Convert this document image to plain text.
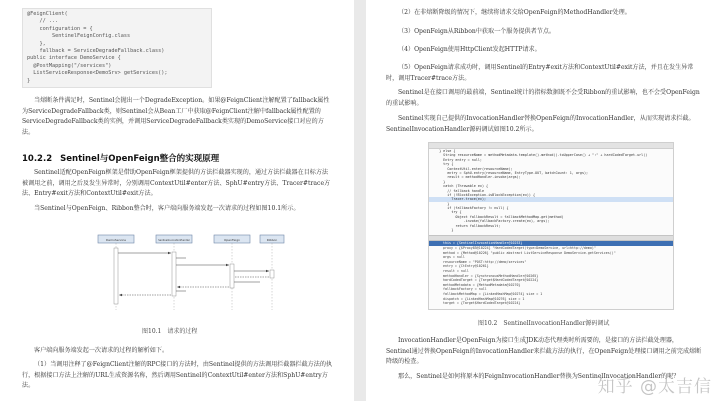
@FeignClient(
// ...
configuration = {
SentinelFeignConfig.class
},
fallback = ServiceDegradeFallback.class)
public interface DemoService {
@PostMapping("/services")
ListServiceResponse<DemoSrv> getServices();
}

当熔断条件满足时，Sentinel会抛出一个DegradeException。如果@FeignClient注解配置了fallback属性为ServiceDegradeFallback类，则Sentinel会从Bean工厂中获取@FeignClient注解中fallback属性配置的ServiceDegradeFallback类的实例，并调用ServiceDegradeFallback类实现的DemoService接口对应的方法。

10.2.2 Sentinel与OpenFeign整合的实现原理

Sentinel适配OpenFeign框架是借助OpenFeign框架提供的方法拦截器实现的，通过方法拦截器在目标方法被调用之前，调用之后及发生异常时，分别调用ContextUtil#enter方法、SphU#entry方法、Tracer#trace方法、Entry#exit方法和ContextUtil#exit方法。

当Sentinel与OpenFeign、Ribbon整合时，客户端向服务端发起一次请求的过程如图10.1所示。

DemoService	SentinelInvocationHandler	OpenFeign	Ribbon
图10.1　请求的过程

客户端向服务端发起一次请求的过程的解析如下。

（1）当调用注释了@FeignClient注解的RPC接口的方法时，由Sentinel提供的方法调用拦截器拦截方法的执行，根据接口方法上注解的URL生成资源名称，然后调用Sentinel的ContextUtil#enter方法和SphU#entry方法。

（2）在非熔断降级的情况下，继续将请求交给OpenFeign的MethodHandler处理。

（3）OpenFeign从Ribbon中获取一个服务提供者节点。

（4）OpenFeign使用HttpClient发起HTTP请求。

（5）OpenFeign请求成功时，调用Sentinel的Entry#exit方法和ContextUtil#exit方法，并且在发生异常时，调用Tracer#trace方法。

Sentinel是在接口调用的最前端，Sentinel统计的指标数据既不会受Ribbon的重试影响，也不会受OpenFeign的重试影响。

Sentinel实现自己提供的InvocationHandler替换OpenFeign的InvocationHandler，从而实现请求拦截。SentinelInvocationHandler源码调试如图10.2所示。

} else {
String resourceName = methodMetadata.template().method().toUpperCase() + ":" + hardCodedTarget.url()
Entry entry = null;
try {
ContextUtil.enter(resourceName);
entry = SphU.entry(resourceName, EntryType.OUT, batchCount: 1, args);
result = methodHandler.invoke(args);
}
catch (Throwable ex) {
// fallback handle
if (!BlockException.isBlockException(ex)) {
Tracer.trace(ex);
}
if (fallbackFactory != null) {
try {
Object fallbackResult = fallbackMethodMap.get(method)
.invoke(fallbackFactory.create(ex), args);
return fallbackResult;
}
this = {SentinelInvocationHandler@10253}
proxy = {$Proxy85@10224} "HardCodedTarget(type=DemoService, url=http://demo)"
method = {Method@10226} "public abstract ListServiceResponse DemoService.getServices()"
args = null
resourceName = "POST:http://demo/services"
entry = {CtEntry@10261}
result = null
methodHandler = {SynchronousMethodHandler@10265}
hardCodedTarget = {Target$HardCodedTarget@10224}
methodMetadata = {MethodMetadata@10270}
fallbackFactory = null
fallbackMethodMap = {LinkedHashMap@10274} size = 1
dispatch = {LinkedHashMap@10276} size = 1
target = {Target$HardCodedTarget@10224}
图10.2　SentinelInvocationHandler源码调试

InvocationHandler是OpenFeign为接口生成JDK动态代理类时所需要的，是接口的方法拦截处理器，Sentinel通过替换OpenFeign的InvocationHandler来拦截方法的执行，在OpenFeign处理接口调用之前完成熔断降级的检查。

那么，Sentinel是如何将原本的FeignInvocationHandler替换为SentinelInvocationHandler的呢？

知乎 @太吉信
